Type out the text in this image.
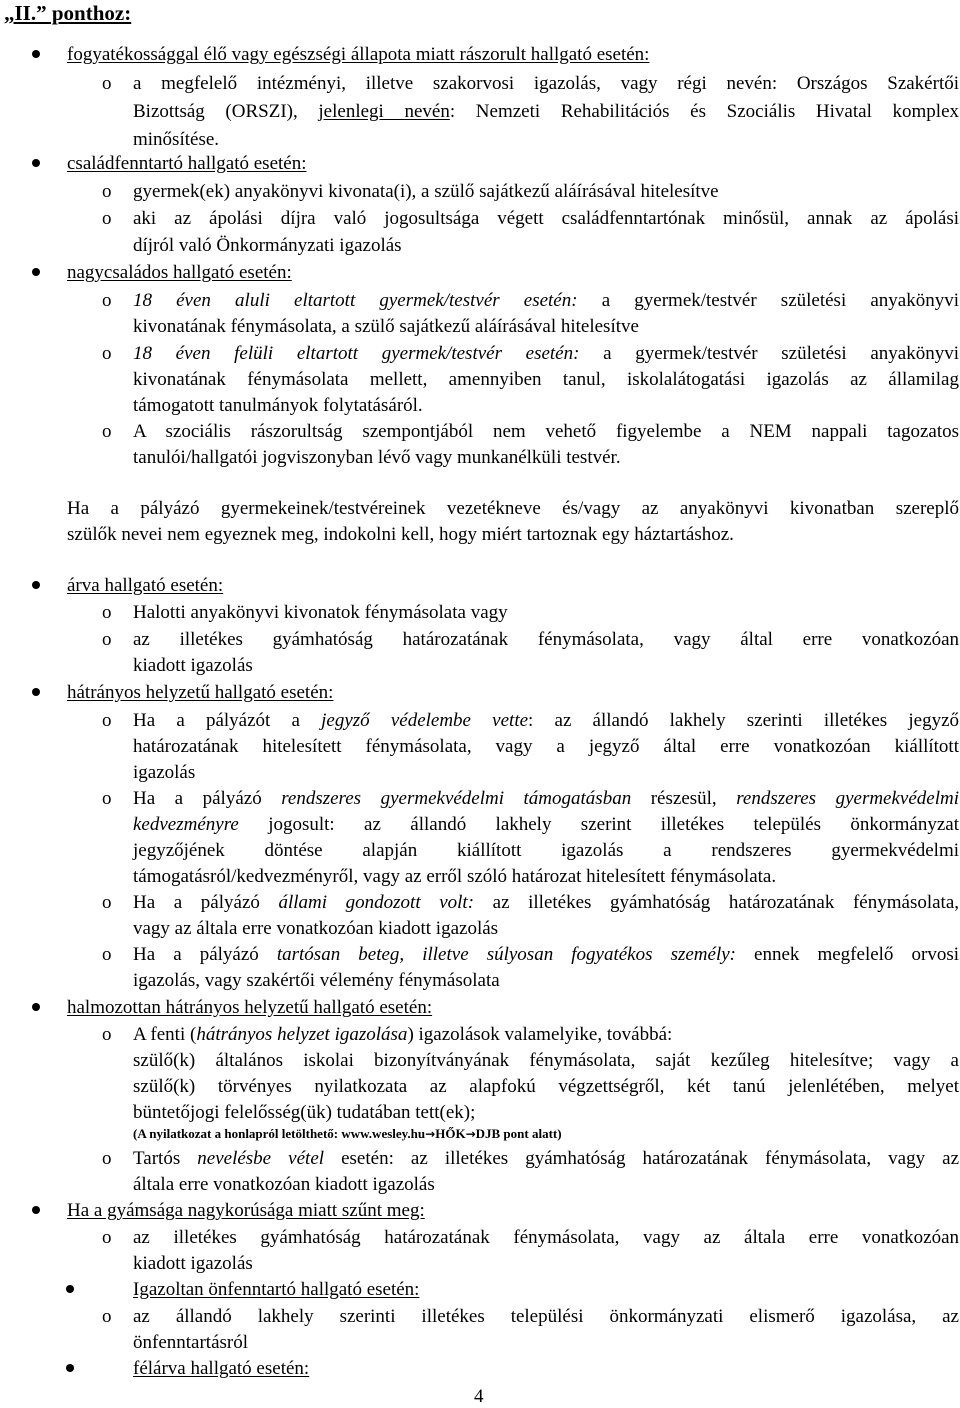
„II.” ponthoz:
fogyatékossággal élő vagy egészségi állapota miatt rászorult hallgató esetén:
o a megfelelő intézményi, illetve szakorvosi igazolás, vagy régi nevén: Országos Szakértői
Bizottság (ORSZI), jelenlegi nevén: Nemzeti Rehabilitációs és Szociális Hivatal komplex
minősítése.
családfenntartó hallgató esetén:
o gyermek(ek) anyakönyvi kivonata(i), a szülő sajátkezű aláírásával hitelesítve
o aki az ápolási díjra való jogosultsága végett családfenntartónak minősül, annak az ápolási
díjról való Önkormányzati igazolás
nagycsaládos hallgató esetén:
o 18 éven aluli eltartott gyermek/testvér esetén: a gyermek/testvér születési anyakönyvi
kivonatának fénymásolata, a szülő sajátkezű aláírásával hitelesítve
o 18 éven felüli eltartott gyermek/testvér esetén: a gyermek/testvér születési anyakönyvi
kivonatának fénymásolata mellett, amennyiben tanul, iskolalátogatási igazolás az államilag
támogatott tanulmányok folytatásáról.
o A szociális rászorultság szempontjából nem vehető figyelembe a NEM nappali tagozatos
tanulói/hallgatói jogviszonyban lévő vagy munkanélküli testvér.
Ha a pályázó gyermekeinek/testvéreinek vezetékneve és/vagy az anyakönyvi kivonatban szereplő
szülők nevei nem egyeznek meg, indokolni kell, hogy miért tartoznak egy háztartáshoz.
árva hallgató esetén:
o Halotti anyakönyvi kivonatok fénymásolata vagy
o az illetékes gyámhatóság határozatának fénymásolata, vagy által erre vonatkozóan
kiadott igazolás
hátrányos helyzetű hallgató esetén:
o Ha a pályázót a jegyző védelembe vette: az állandó lakhely szerinti illetékes jegyző
határozatának hitelesített fénymásolata, vagy a jegyző által erre vonatkozóan kiállított
igazolás
o Ha a pályázó rendszeres gyermekvédelmi támogatásban részesül, rendszeres gyermekvédelmi
kedvezményre jogosult: az állandó lakhely szerint illetékes település önkormányzat
jegyzőjének döntése alapján kiállított igazolás a rendszeres gyermekvédelmi
támogatásról/kedvezményről, vagy az erről szóló határozat hitelesített fénymásolata.
o Ha a pályázó állami gondozott volt: az illetékes gyámhatóság határozatának fénymásolata,
vagy az általa erre vonatkozóan kiadott igazolás
o Ha a pályázó tartósan beteg, illetve súlyosan fogyatékos személy: ennek megfelelő orvosi
igazolás, vagy szakértői vélemény fénymásolata
halmozottan hátrányos helyzetű hallgató esetén:
o A fenti (hátrányos helyzet igazolása) igazolások valamelyike, továbbá:
szülő(k) általános iskolai bizonyítványának fénymásolata, saját kezűleg hitelesítve; vagy a
szülő(k) törvényes nyilatkozata az alapfokú végzettségről, két tanú jelenlétében, melyet
büntetőjogi felelősség(ük) tudatában tett(ek);
(A nyilatkozat a honlapról letölthető: www.wesley.hu→HŐK→DJB pont alatt)
o Tartós nevelésbe vétel esetén: az illetékes gyámhatóság határozatának fénymásolata, vagy az
általa erre vonatkozóan kiadott igazolás
Ha a gyámsága nagykorúsága miatt szűnt meg:
o az illetékes gyámhatóság határozatának fénymásolata, vagy az általa erre vonatkozóan
kiadott igazolás
Igazoltan önfenntartó hallgató esetén:
o az állandó lakhely szerinti illetékes települési önkormányzati elismerő igazolása, az
önfenntartásról
félárva hallgató esetén:
4
